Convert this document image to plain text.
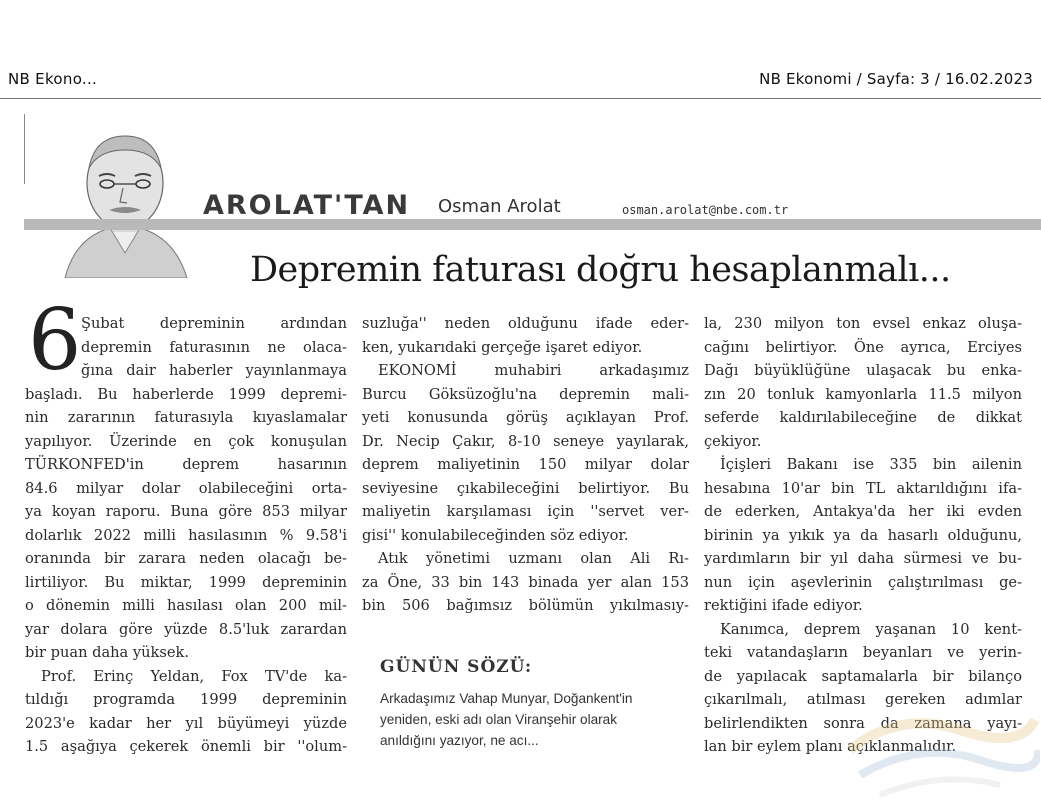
NB Ekono...	NB Ekonomi / Sayfa: 3 / 16.02.2023
AROLAT'TAN Osman Arolat	osman.arolat@nbe.com.tr
Depremin faturası doğru hesaplanmalı...
6 Şubat depreminin ardından
depremin faturasının ne olaca-
ğına dair haberler yayınlanmaya
başladı. Bu haberlerde 1999 depremi-
nin zararının faturasıyla kıyaslamalar
yapılıyor. Üzerinde en çok konuşulan
TÜRKONFED'in deprem hasarının
84.6 milyar dolar olabileceğini orta-
ya koyan raporu. Buna göre 853 milyar
dolarlık 2022 milli hasılasının % 9.58'i
oranında bir zarara neden olacağı be-
lirtiliyor. Bu miktar, 1999 depreminin
o dönemin milli hasılası olan 200 mil-
yar dolara göre yüzde 8.5'luk zarardan
bir puan daha yüksek.
Prof. Erinç Yeldan, Fox TV'de ka-
tıldığı programda 1999 depreminin
2023'e kadar her yıl büyümeyi yüzde
1.5 aşağıya çekerek önemli bir ''olum-
suzluğa'' neden olduğunu ifade eder-
ken, yukarıdaki gerçeğe işaret ediyor.
EKONOMİ muhabiri arkadaşımız
Burcu Göksüzoğlu'na depremin mali-
yeti konusunda görüş açıklayan Prof.
Dr. Necip Çakır, 8-10 seneye yayılarak,
deprem maliyetinin 150 milyar dolar
seviyesine çıkabileceğini belirtiyor. Bu
maliyetin karşılaması için ''servet ver-
gisi'' konulabileceğinden söz ediyor.
Atık yönetimi uzmanı olan Ali Rı-
za Öne, 33 bin 143 binada yer alan 153
bin 506 bağımsız bölümün yıkılmasıy-
GÜNÜN SÖZÜ:
Arkadaşımız Vahap Munyar, Doğankent'in
yeniden, eski adı olan Viranşehir olarak
anıldığını yazıyor, ne acı...
la, 230 milyon ton evsel enkaz oluşa-
cağını belirtiyor. Öne ayrıca, Erciyes
Dağı büyüklüğüne ulaşacak bu enka-
zın 20 tonluk kamyonlarla 11.5 milyon
seferde kaldırılabileceğine de dikkat
çekiyor.
İçişleri Bakanı ise 335 bin ailenin
hesabına 10'ar bin TL aktarıldığını ifa-
de ederken, Antakya'da her iki evden
birinin ya yıkık ya da hasarlı olduğunu,
yardımların bir yıl daha sürmesi ve bu-
nun için aşevlerinin çalıştırılması ge-
rektiğini ifade ediyor.
Kanımca, deprem yaşanan 10 kent-
teki vatandaşların beyanları ve yerin-
de yapılacak saptamalarla bir bilanço
çıkarılmalı, atılması gereken adımlar
belirlendikten sonra da zamana yayı-
lan bir eylem planı açıklanmalıdır.
